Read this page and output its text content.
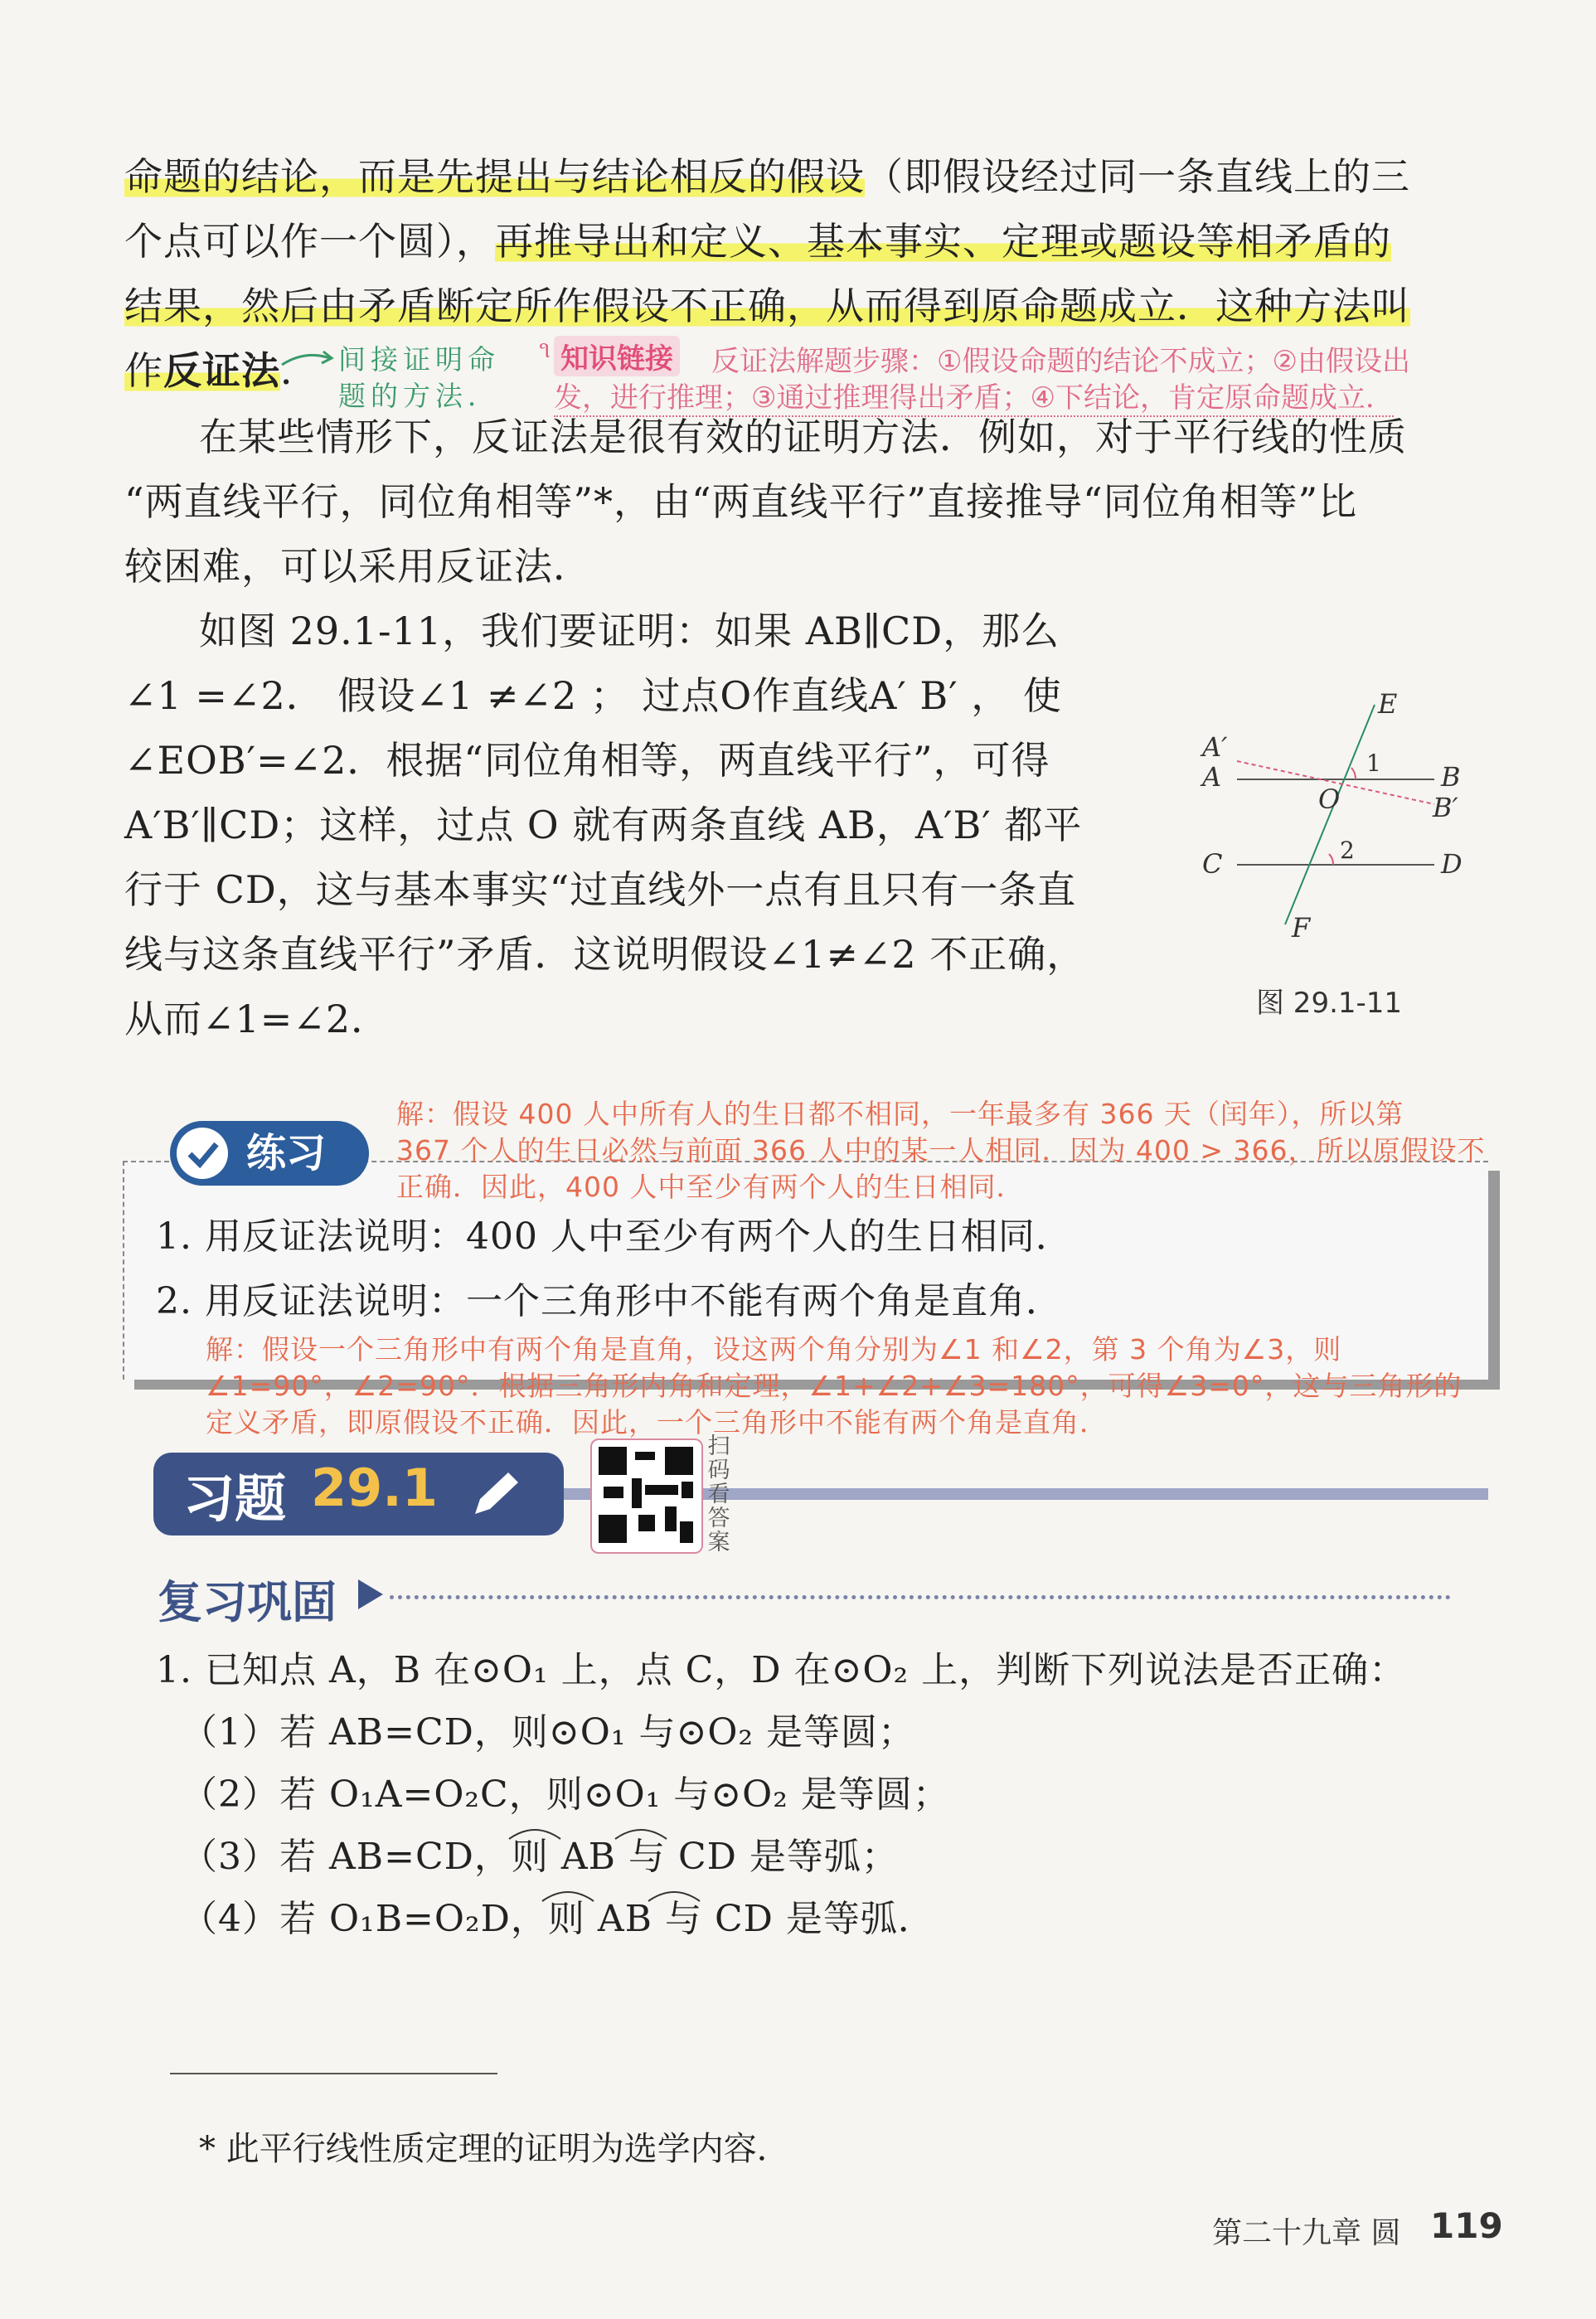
命题的结论，而是先提出与结论相反的假设（即假设经过同一条直线上的三
个点可以作一个圆），再推导出和定义、基本事实、定理或题设等相矛盾的
结果，然后由矛盾断定所作假设不正确，从而得到原命题成立．这种方法叫
作反证法． 间接证明命
题的方法．
૧ 知识链接 反证法解题步骤：①假设命题的结论不成立；②由假设出
发，进行推理；③通过推理得出矛盾；④下结论，肯定原命题成立．
在某些情形下，反证法是很有效的证明方法．例如，对于平行线的性质
“两直线平行，同位角相等”*，由“两直线平行”直接推导“同位角相等”比
较困难，可以采用反证法．
如图 29.1-11，我们要证明：如果 AB∥CD，那么
∠1 =∠2． 假设∠1 ≠∠2 ； 过点O作直线A′ B′ ， 使
∠EOB′=∠2．根据“同位角相等，两直线平行”，可得
A′B′∥CD；这样，过点 O 就有两条直线 AB，A′B′ 都平
行于 CD，这与基本事实“过直线外一点有且只有一条直
线与这条直线平行”矛盾．这说明假设∠1≠∠2 不正确，
从而∠1=∠2．
A′
A	B
B′
C	D
E
F
O
1
2
图 29.1-11
练习
解：假设 400 人中所有人的生日都不相同，一年最多有 366 天（闰年），所以第
367 个人的生日必然与前面 366 人中的某一人相同．因为 400 > 366，所以原假设不
正确．因此，400 人中至少有两个人的生日相同．
1. 用反证法说明：400 人中至少有两个人的生日相同．
2. 用反证法说明：一个三角形中不能有两个角是直角．
解：假设一个三角形中有两个角是直角，设这两个角分别为∠1 和∠2，第 3 个角为∠3，则
∠1=90°，∠2=90°．根据三角形内角和定理，∠1+∠2+∠3=180°，可得∠3=0°，这与三角形的
定义矛盾，即原假设不正确．因此，一个三角形中不能有两个角是直角．
习题 29.1
扫
码
看
答
案
复习巩固
1. 已知点 A，B 在⊙O₁ 上，点 C，D 在⊙O₂ 上，判断下列说法是否正确：
（1）若 AB=CD，则⊙O₁ 与⊙O₂ 是等圆；
（2）若 O₁A=O₂C，则⊙O₁ 与⊙O₂ 是等圆；
（3）若 AB=CD，则 AB 与 CD 是等弧；
（4）若 O₁B=O₂D，则 AB 与 CD 是等弧．
* 此平行线性质定理的证明为选学内容．
第二十九章 圆 119
